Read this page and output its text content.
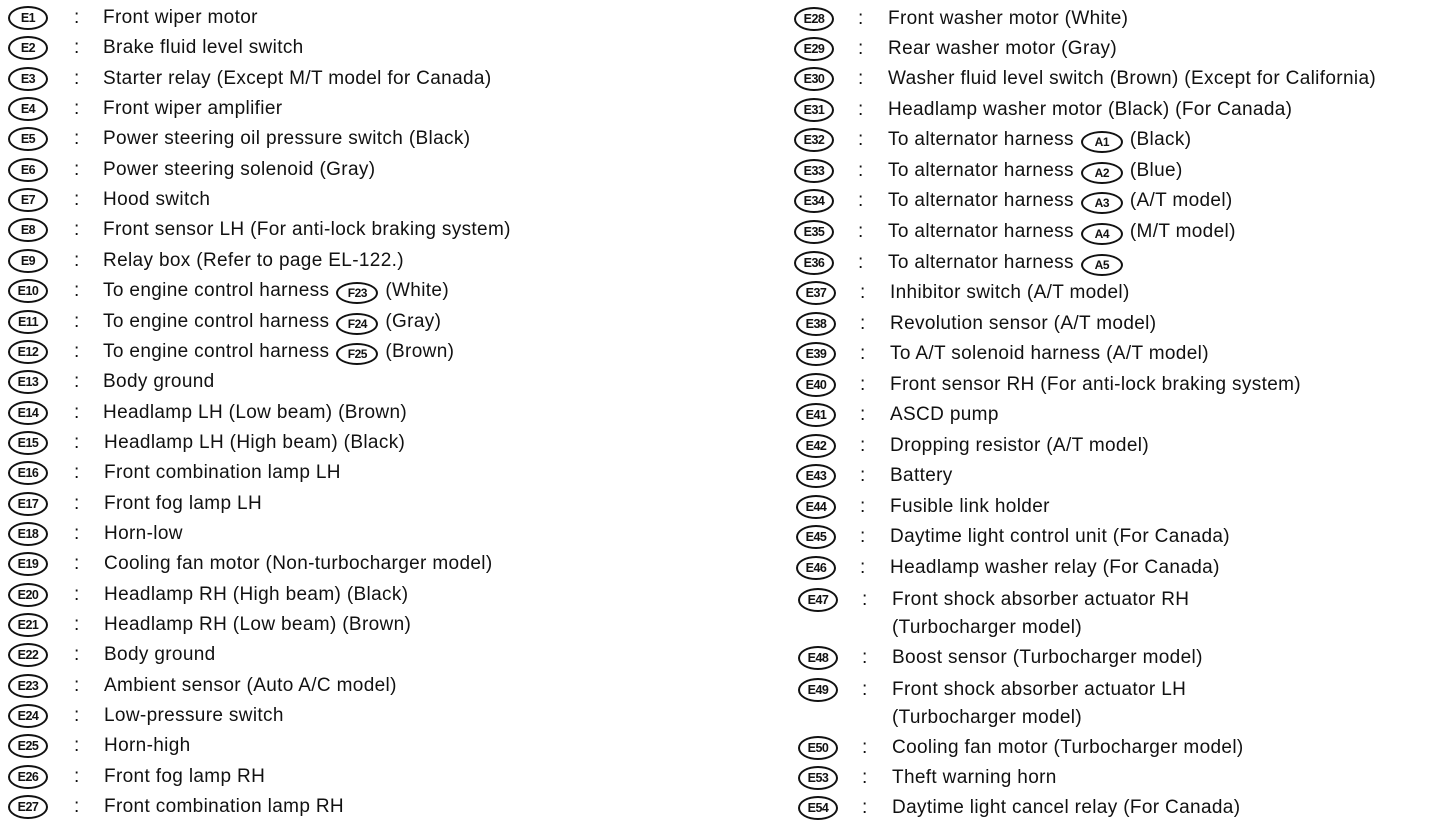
E1	: Front wiper motor
E2	: Brake fluid level switch
E3	: Starter relay (Except M/T model for Canada)
E4	: Front wiper amplifier
E5	: Power steering oil pressure switch (Black)
E6	: Power steering solenoid (Gray)
E7	: Hood switch
E8	: Front sensor LH (For anti-lock braking system)
E9	: Relay box (Refer to page EL-122.)
E10	: To engine control harness F23 (White)
E11	: To engine control harness F24 (Gray)
E12	: To engine control harness F25 (Brown)
E13	: Body ground
E14	: Headlamp LH (Low beam) (Brown)
E15	: Headlamp LH (High beam) (Black)
E16	: Front combination lamp LH
E17	: Front fog lamp LH
E18	: Horn-low
E19	: Cooling fan motor (Non-turbocharger model)
E20	: Headlamp RH (High beam) (Black)
E21	: Headlamp RH (Low beam) (Brown)
E22	: Body ground
E23	: Ambient sensor (Auto A/C model)
E24	: Low-pressure switch
E25	: Horn-high
E26	: Front fog lamp RH
E27	: Front combination lamp RH
E28	: Front washer motor (White)
E29	: Rear washer motor (Gray)
E30	: Washer fluid level switch (Brown) (Except for California)
E31	: Headlamp washer motor (Black) (For Canada)
E32	: To alternator harness A1 (Black)
E33	: To alternator harness A2 (Blue)
E34	: To alternator harness A3 (A/T model)
E35	: To alternator harness A4 (M/T model)
E36	: To alternator harness A5
E37	: Inhibitor switch (A/T model)
E38	: Revolution sensor (A/T model)
E39	: To A/T solenoid harness (A/T model)
E40	: Front sensor RH (For anti-lock braking system)
E41	: ASCD pump
E42	: Dropping resistor (A/T model)
E43	: Battery
E44	: Fusible link holder
E45	: Daytime light control unit (For Canada)
E46	: Headlamp washer relay (For Canada)
E47	: Front shock absorber actuator RH
(Turbocharger model)
E48	: Boost sensor (Turbocharger model)
E49	: Front shock absorber actuator LH
(Turbocharger model)
E50	: Cooling fan motor (Turbocharger model)
E53	: Theft warning horn
E54	: Daytime light cancel relay (For Canada)
